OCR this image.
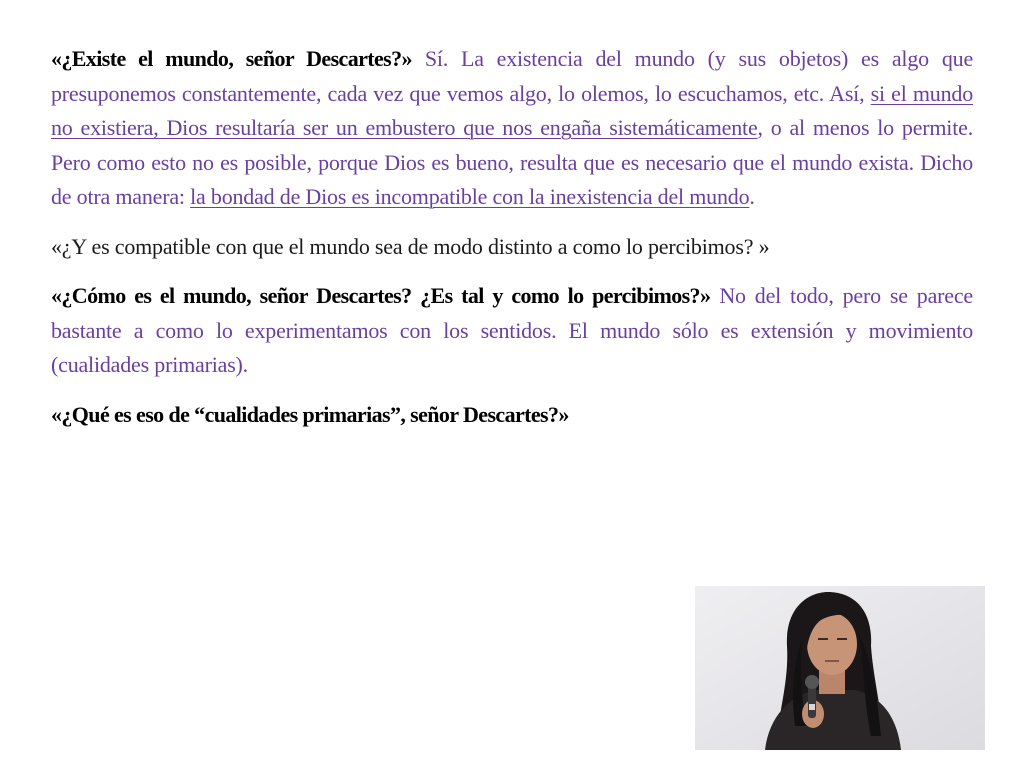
«¿Existe el mundo, señor Descartes?» Sí. La existencia del mundo (y sus objetos) es algo que presuponemos constantemente, cada vez que vemos algo, lo olemos, lo escuchamos, etc. Así, si el mundo no existiera, Dios resultaría ser un embustero que nos engaña sistemáticamente, o al menos lo permite. Pero como esto no es posible, porque Dios es bueno, resulta que es necesario que el mundo exista. Dicho de otra manera: la bondad de Dios es incompatible con la inexistencia del mundo.

«¿Y es compatible con que el mundo sea de modo distinto a como lo percibimos? »

«¿Cómo es el mundo, señor Descartes? ¿Es tal y como lo percibimos?» No del todo, pero se parece bastante a como lo experimentamos con los sentidos. El mundo sólo es extensión y movimiento (cualidades primarias).

«¿Qué es eso de “cualidades primarias”, señor Descartes?»
